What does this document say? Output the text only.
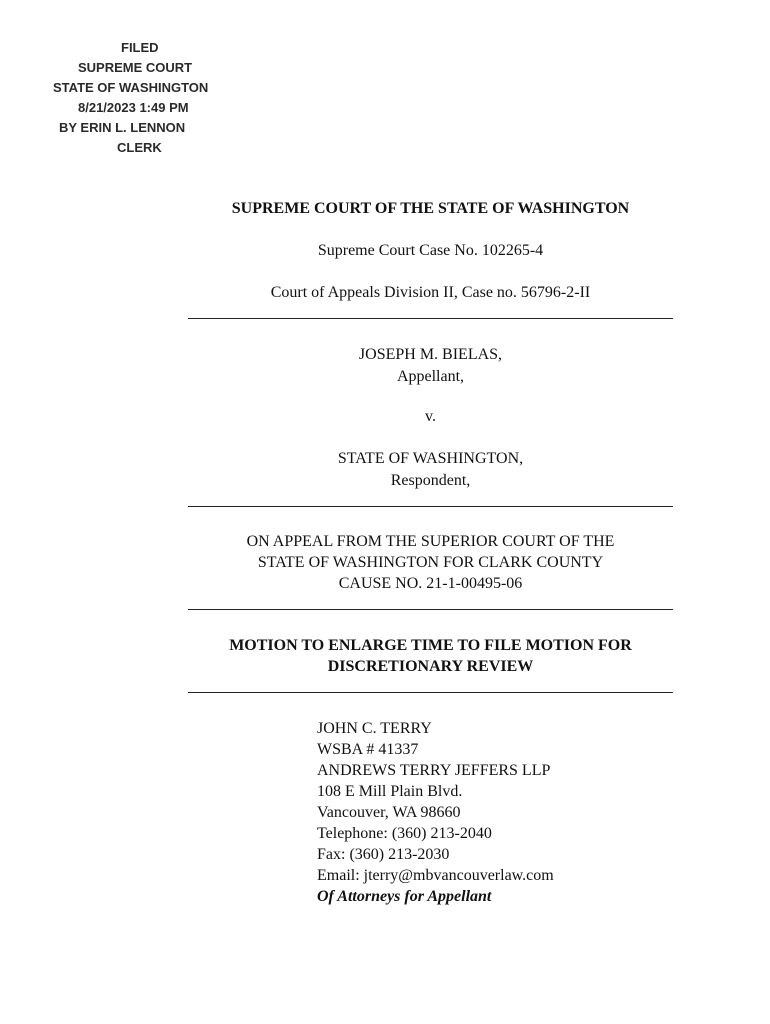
FILED
SUPREME COURT
STATE OF WASHINGTON
8/21/2023 1:49 PM
BY ERIN L. LENNON
CLERK
SUPREME COURT OF THE STATE OF WASHINGTON
Supreme Court Case No. 102265-4
Court of Appeals Division II, Case no. 56796-2-II
JOSEPH M. BIELAS,
Appellant,
v.
STATE OF WASHINGTON,
Respondent,
ON APPEAL FROM THE SUPERIOR COURT OF THE
STATE OF WASHINGTON FOR CLARK COUNTY
CAUSE NO. 21-1-00495-06
MOTION TO ENLARGE TIME TO FILE MOTION FOR
DISCRETIONARY REVIEW
JOHN C. TERRY
WSBA # 41337
ANDREWS TERRY JEFFERS LLP
108 E Mill Plain Blvd.
Vancouver, WA 98660
Telephone: (360) 213-2040
Fax: (360) 213-2030
Email: jterry@mbvancouverlaw.com
Of Attorneys for Appellant
